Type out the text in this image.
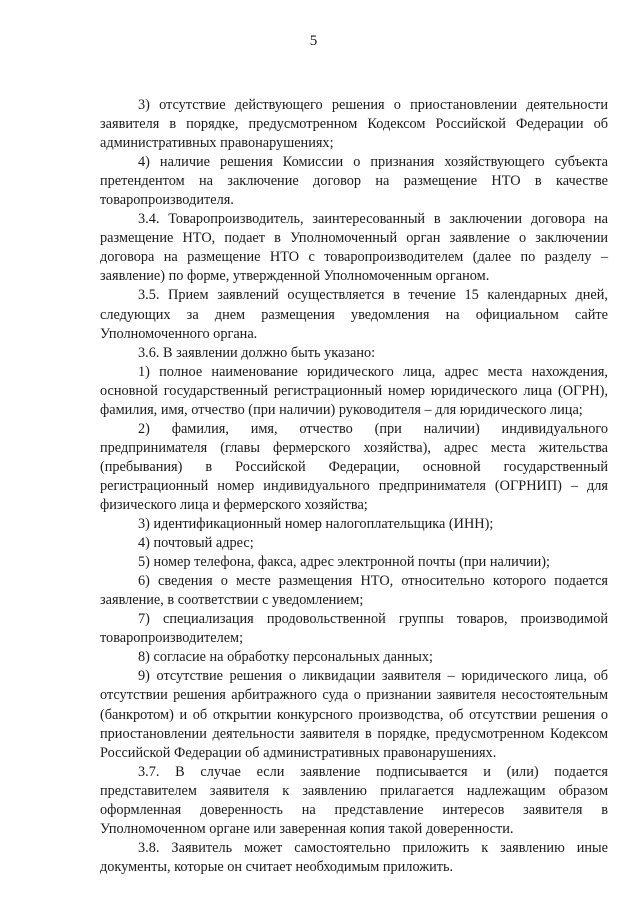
5

3) отсутствие действующего решения о приостановлении деятельности заявителя в порядке, предусмотренном Кодексом Российской Федерации об административных правонарушениях;

4) наличие решения Комиссии о признания хозяйствующего субъекта претендентом на заключение договор на размещение НТО в качестве товаропроизводителя.

3.4. Товаропроизводитель, заинтересованный в заключении договора на размещение НТО, подает в Уполномоченный орган заявление о заключении договора на размещение НТО с товаропроизводителем (далее по разделу – заявление) по форме, утвержденной Уполномоченным органом.

3.5. Прием заявлений осуществляется в течение 15 календарных дней, следующих за днем размещения уведомления на официальном сайте Уполномоченного органа.

3.6. В заявлении должно быть указано:

1) полное наименование юридического лица, адрес места нахождения, основной государственный регистрационный номер юридического лица (ОГРН), фамилия, имя, отчество (при наличии) руководителя – для юридического лица;

2) фамилия, имя, отчество (при наличии) индивидуального предпринимателя (главы фермерского хозяйства), адрес места жительства (пребывания) в Российской Федерации, основной государственный регистрационный номер индивидуального предпринимателя (ОГРНИП) – для физического лица и фермерского хозяйства;

3) идентификационный номер налогоплательщика (ИНН);

4) почтовый адрес;

5) номер телефона, факса, адрес электронной почты (при наличии);

6) сведения о месте размещения НТО, относительно которого подается заявление, в соответствии с уведомлением;

7) специализация продовольственной группы товаров, производимой товаропроизводителем;

8) согласие на обработку персональных данных;

9) отсутствие решения о ликвидации заявителя – юридического лица, об отсутствии решения арбитражного суда о признании заявителя несостоятельным (банкротом) и об открытии конкурсного производства, об отсутствии решения о приостановлении деятельности заявителя в порядке, предусмотренном Кодексом Российской Федерации об административных правонарушениях.

3.7. В случае если заявление подписывается и (или) подается представителем заявителя к заявлению прилагается надлежащим образом оформленная доверенность на представление интересов заявителя в Уполномоченном органе или заверенная копия такой доверенности.

3.8. Заявитель может самостоятельно приложить к заявлению иные документы, которые он считает необходимым приложить.
